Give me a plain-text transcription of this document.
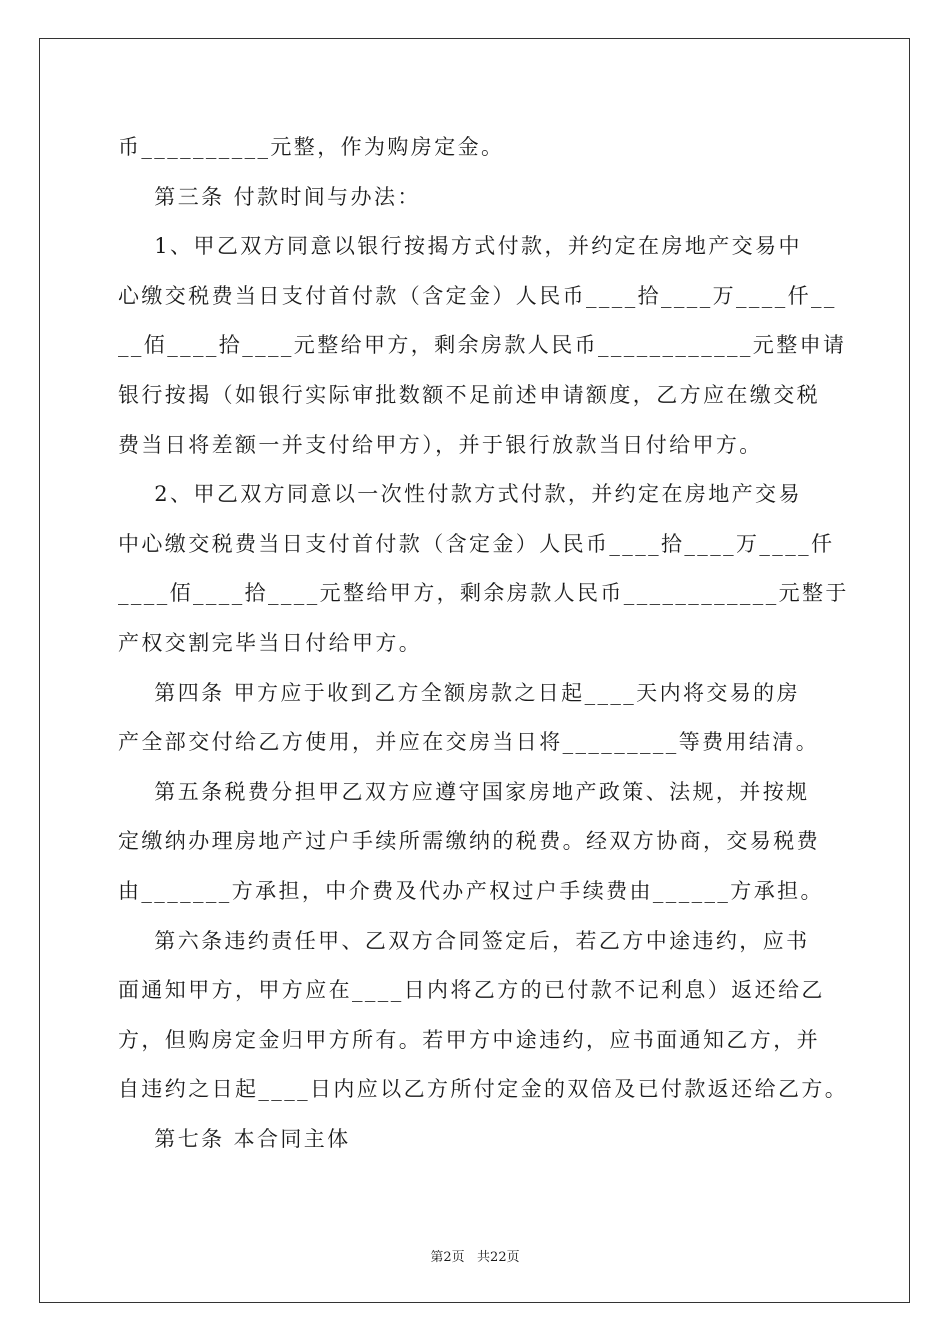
币__________元整，作为购房定金。
第三条 付款时间与办法：
1、甲乙双方同意以银行按揭方式付款，并约定在房地产交易中
心缴交税费当日支付首付款（含定金）人民币____拾____万____仟__
__佰____拾____元整给甲方，剩余房款人民币____________元整申请
银行按揭（如银行实际审批数额不足前述申请额度，乙方应在缴交税
费当日将差额一并支付给甲方），并于银行放款当日付给甲方。
2、甲乙双方同意以一次性付款方式付款，并约定在房地产交易
中心缴交税费当日支付首付款（含定金）人民币____拾____万____仟
____佰____拾____元整给甲方，剩余房款人民币____________元整于
产权交割完毕当日付给甲方。
第四条 甲方应于收到乙方全额房款之日起____天内将交易的房
产全部交付给乙方使用，并应在交房当日将_________等费用结清。
第五条税费分担甲乙双方应遵守国家房地产政策、法规，并按规
定缴纳办理房地产过户手续所需缴纳的税费。经双方协商，交易税费
由_______方承担，中介费及代办产权过户手续费由______方承担。
第六条违约责任甲、乙双方合同签定后，若乙方中途违约，应书
面通知甲方，甲方应在____日内将乙方的已付款不记利息）返还给乙
方，但购房定金归甲方所有。若甲方中途违约，应书面通知乙方，并
自违约之日起____日内应以乙方所付定金的双倍及已付款返还给乙方。
第七条 本合同主体
第2页   共22页
